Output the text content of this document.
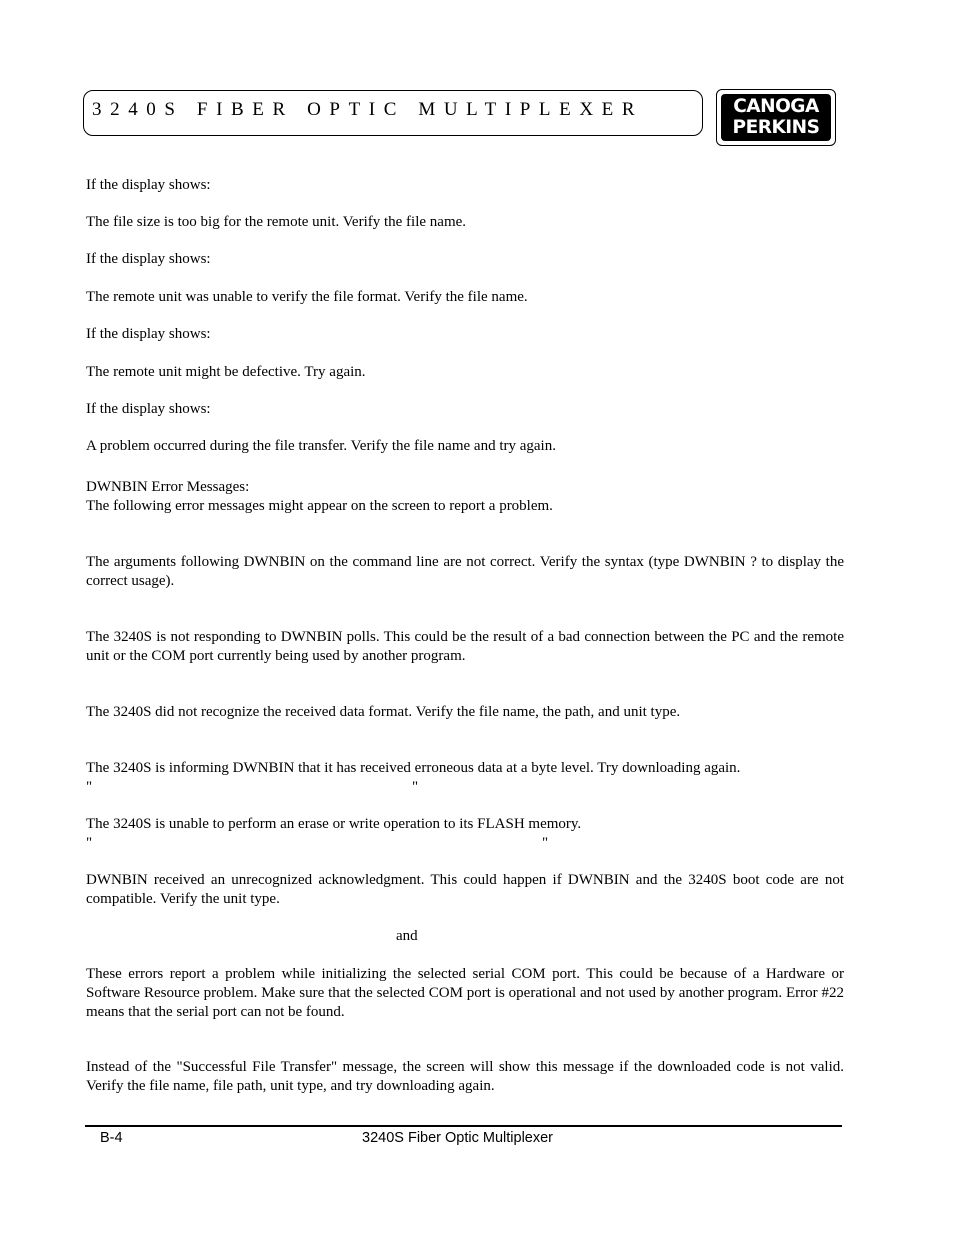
3240S FIBER OPTIC MULTIPLEXER	CANOGA
PERKINS
If the display shows:
The file size is too big for the remote unit. Verify the file name.
If the display shows:
The remote unit was unable to verify the file format. Verify the file name.
If the display shows:
The remote unit might be defective. Try again.
If the display shows:
A problem occurred during the file transfer. Verify the file name and try again.
DWNBIN Error Messages:
The following error messages might appear on the screen to report a problem.
The arguments following DWNBIN on the command line are not correct. Verify the syntax (type DWNBIN ? to display the correct usage).
The 3240S is not responding to DWNBIN polls. This could be the result of a bad connection between the PC and the remote unit or the COM port currently being used by another program.
The 3240S did not recognize the received data format. Verify the file name, the path, and unit type.
The 3240S is informing DWNBIN that it has received erroneous data at a byte level. Try downloading again.
"	"
The 3240S is unable to perform an erase or write operation to its FLASH memory.
"	"
DWNBIN received an unrecognized acknowledgment. This could happen if DWNBIN and the 3240S boot code are not compatible. Verify the unit type.
and
These errors report a problem while initializing the selected serial COM port. This could be because of a Hardware or Software Resource problem. Make sure that the selected COM port is operational and not used by another program. Error #22 means that the serial port can not be found.
Instead of the "Successful File Transfer" message, the screen will show this message if the downloaded code is not valid. Verify the file name, file path, unit type, and try downloading again.
B-4	3240S Fiber Optic Multiplexer
